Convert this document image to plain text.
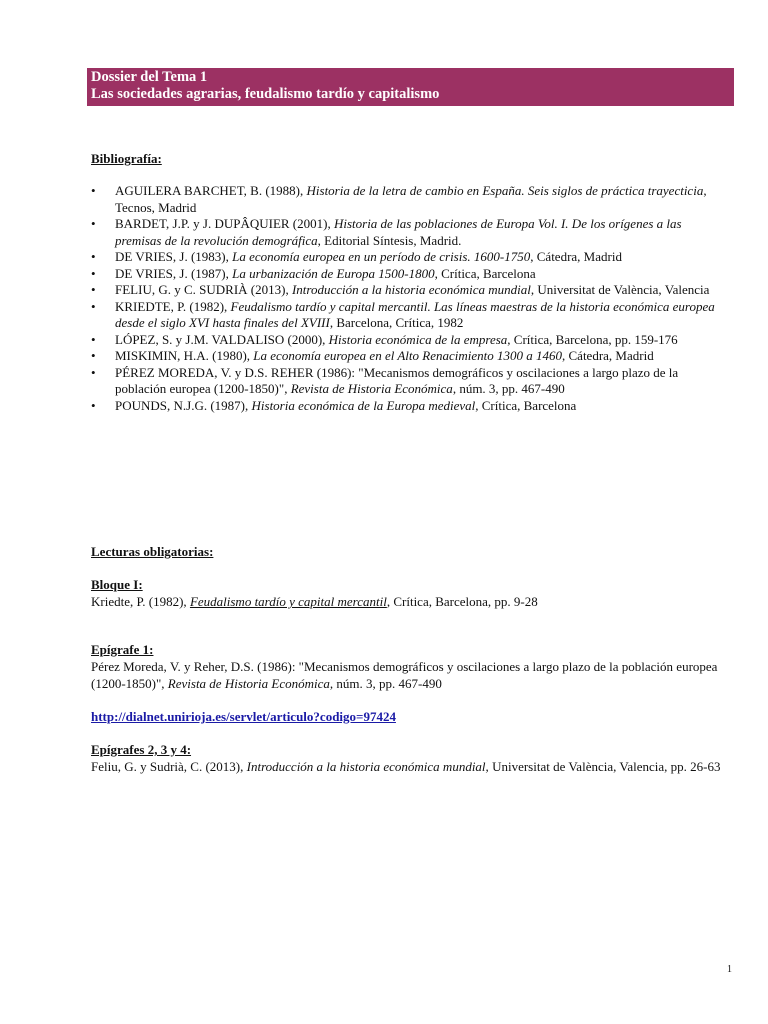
Dossier del Tema 1
Las sociedades agrarias, feudalismo tardío y capitalismo
Bibliografía:
• AGUILERA BARCHET, B. (1988), Historia de la letra de cambio en España. Seis siglos de práctica trayecticia, Tecnos, Madrid
• BARDET, J.P. y J. DUPÂQUIER (2001), Historia de las poblaciones de Europa Vol. I. De los orígenes a las premisas de la revolución demográfica, Editorial Síntesis, Madrid.
• DE VRIES, J. (1983), La economía europea en un período de crisis. 1600-1750, Cátedra, Madrid
• DE VRIES, J. (1987), La urbanización de Europa 1500-1800, Crítica, Barcelona
• FELIU, G. y C. SUDRIÀ (2013), Introducción a la historia económica mundial, Universitat de València, Valencia
• KRIEDTE, P. (1982), Feudalismo tardío y capital mercantil. Las líneas maestras de la historia económica europea desde el siglo XVI hasta finales del XVIII, Barcelona, Crítica, 1982
• LÓPEZ, S. y J.M. VALDALISO (2000), Historia económica de la empresa, Crítica, Barcelona, pp. 159-176
• MISKIMIN, H.A. (1980), La economía europea en el Alto Renacimiento 1300 a 1460, Cátedra, Madrid
• PÉREZ MOREDA, V. y D.S. REHER (1986): "Mecanismos demográficos y oscilaciones a largo plazo de la población europea (1200-1850)", Revista de Historia Económica, núm. 3, pp. 467-490
• POUNDS, N.J.G. (1987), Historia económica de la Europa medieval, Crítica, Barcelona
Lecturas obligatorias:
Bloque I:
Kriedte, P. (1982), Feudalismo tardío y capital mercantil, Crítica, Barcelona, pp. 9-28
Epígrafe 1:
Pérez Moreda, V. y Reher, D.S. (1986): "Mecanismos demográficos y oscilaciones a largo plazo de la población europea (1200-1850)", Revista de Historia Económica, núm. 3, pp. 467-490
http://dialnet.unirioja.es/servlet/articulo?codigo=97424
Epígrafes 2, 3 y 4:
Feliu, G. y Sudrià, C. (2013), Introducción a la historia económica mundial, Universitat de València, Valencia, pp. 26-63
1
